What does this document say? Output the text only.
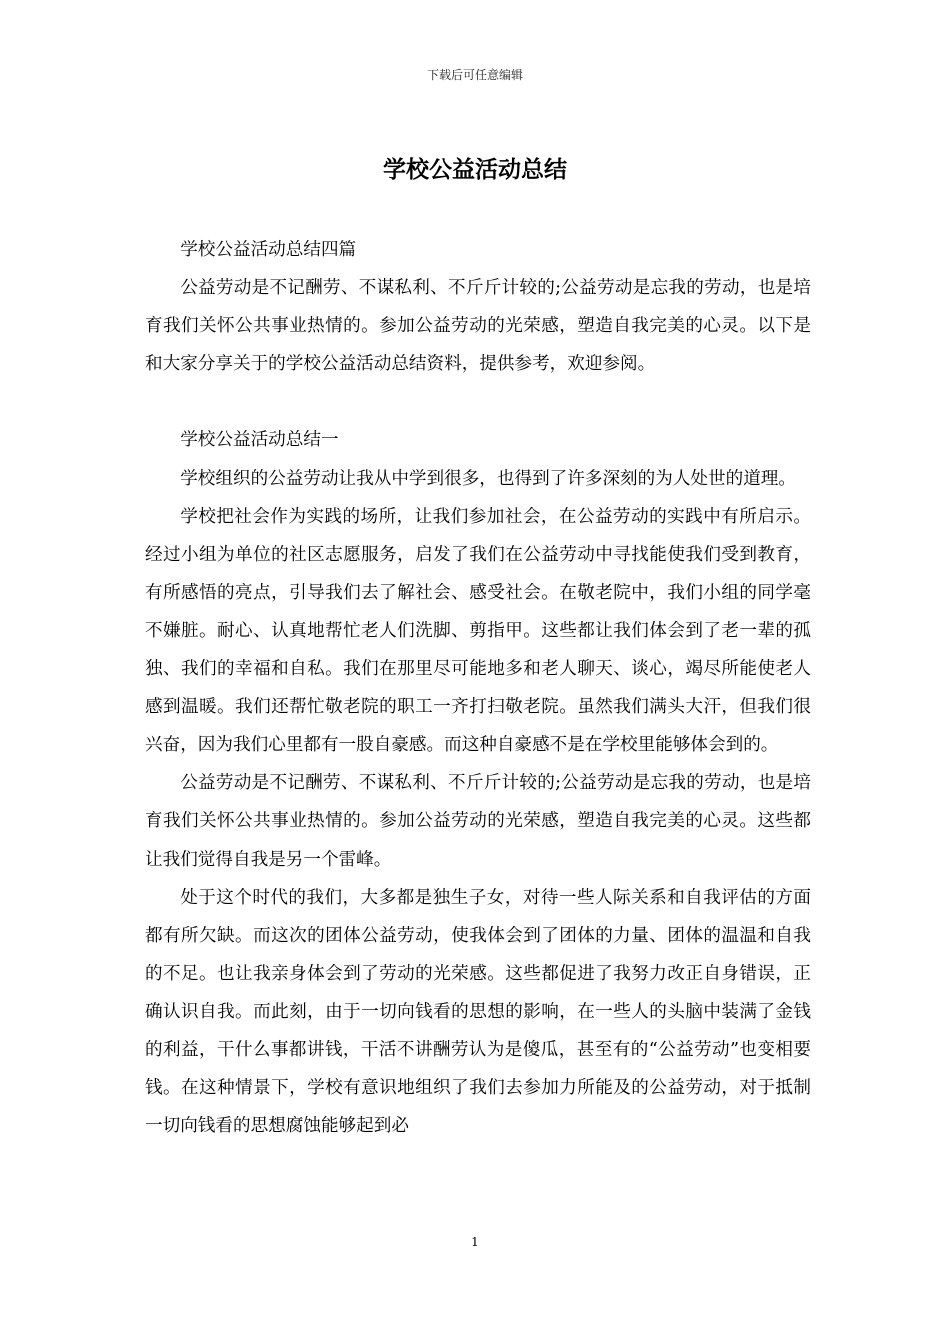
下载后可任意编辑
学校公益活动总结

学校公益活动总结四篇

公益劳动是不记酬劳、不谋私利、不斤斤计较的;公益劳动是忘我的劳动，也是培育我们关怀公共事业热情的。参加公益劳动的光荣感，塑造自我完美的心灵。以下是和大家分享关于的学校公益活动总结资料，提供参考，欢迎参阅。

学校公益活动总结一

学校组织的公益劳动让我从中学到很多，也得到了许多深刻的为人处世的道理。

学校把社会作为实践的场所，让我们参加社会，在公益劳动的实践中有所启示。经过小组为单位的社区志愿服务，启发了我们在公益劳动中寻找能使我们受到教育，有所感悟的亮点，引导我们去了解社会、感受社会。在敬老院中，我们小组的同学毫不嫌脏。耐心、认真地帮忙老人们洗脚、剪指甲。这些都让我们体会到了老一辈的孤独、我们的幸福和自私。我们在那里尽可能地多和老人聊天、谈心，竭尽所能使老人感到温暖。我们还帮忙敬老院的职工一齐打扫敬老院。虽然我们满头大汗，但我们很兴奋，因为我们心里都有一股自豪感。而这种自豪感不是在学校里能够体会到的。

公益劳动是不记酬劳、不谋私利、不斤斤计较的;公益劳动是忘我的劳动，也是培育我们关怀公共事业热情的。参加公益劳动的光荣感，塑造自我完美的心灵。这些都让我们觉得自我是另一个雷峰。

处于这个时代的我们，大多都是独生子女，对待一些人际关系和自我评估的方面都有所欠缺。而这次的团体公益劳动，使我体会到了团体的力量、团体的温温和自我的不足。也让我亲身体会到了劳动的光荣感。这些都促进了我努力改正自身错误，正确认识自我。而此刻，由于一切向钱看的思想的影响，在一些人的头脑中装满了金钱的利益，干什么事都讲钱，干活不讲酬劳认为是傻瓜，甚至有的“公益劳动”也变相要钱。在这种情景下，学校有意识地组织了我们去参加力所能及的公益劳动，对于抵制一切向钱看的思想腐蚀能够起到必

1
